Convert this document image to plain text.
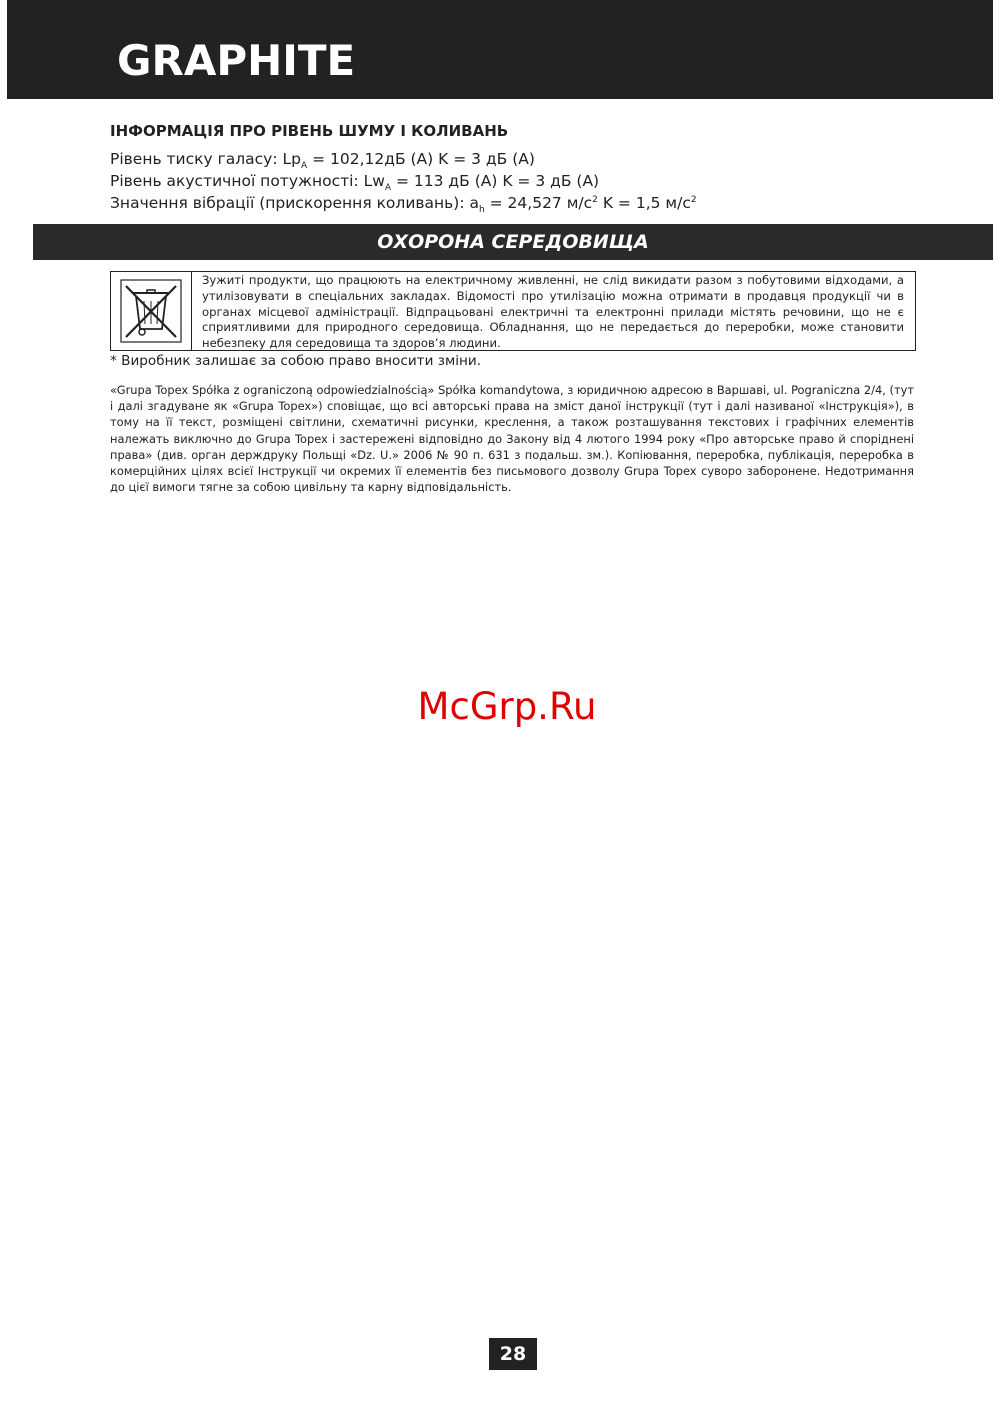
GRAPHITE
ІНФОРМАЦІЯ ПРО РІВЕНЬ ШУМУ І КОЛИВАНЬ
Рівень тиску галасу: $Lp_A = 102,12дБ$ (A) K = 3 дБ (A)
Рівень акустичної потужності: $Lw_A = 113$ дБ (A) K = 3 дБ (A)
Значення вібрації (прискорення коливань): $a_h = 24,527$ $м/с^2$ K = 1,5 $м/с^2$
ОХОРОНА СЕРЕДОВИЩА
Зужиті продукти, що працюють на електричному живленні, не слід викидати разом з побутовими відходами, а утилізовувати в спеціальних закладах. Відомості про утилізацію можна отримати в продавця продукції чи в органах місцевої адміністрації. Відпрацьовані електричні та електронні прилади містять речовини, що не є сприятливими для природного середовища. Обладнання, що не передається до переробки, може становити небезпеку для середовища та здоров’я людини.
* Виробник залишає за собою право вносити зміни.
«Grupa Topex Spółka z ograniczoną odpowiedzialnością» Spółka komandytowa, з юридичною адресою в Варшаві, ul. Pograniczna 2/4, (тут і далі згадуване як «Grupa Topex») сповіщає, що всі авторські права на зміст даної інструкції (тут і далі називаної «Інструкція»), в тому на її текст, розміщені світлини, схематичні рисунки, креслення, а також розташування текстових і графічних елементів належать виключно до Grupa Topex і застережені відповідно до Закону від 4 лютого 1994 року «Про авторське право й споріднені права» (див. орган держдруку Польщі «Dz. U.» 2006 № 90 п. 631 з подальш. зм.). Копіювання, переробка, публікація, переробка в комерційних цілях всієї Інструкції чи окремих її елементів без письмового дозволу Grupa Topex суворо заборонене. Недотримання до цієї вимоги тягне за собою цивільну та карну відповідальність.
McGrp.Ru
28
